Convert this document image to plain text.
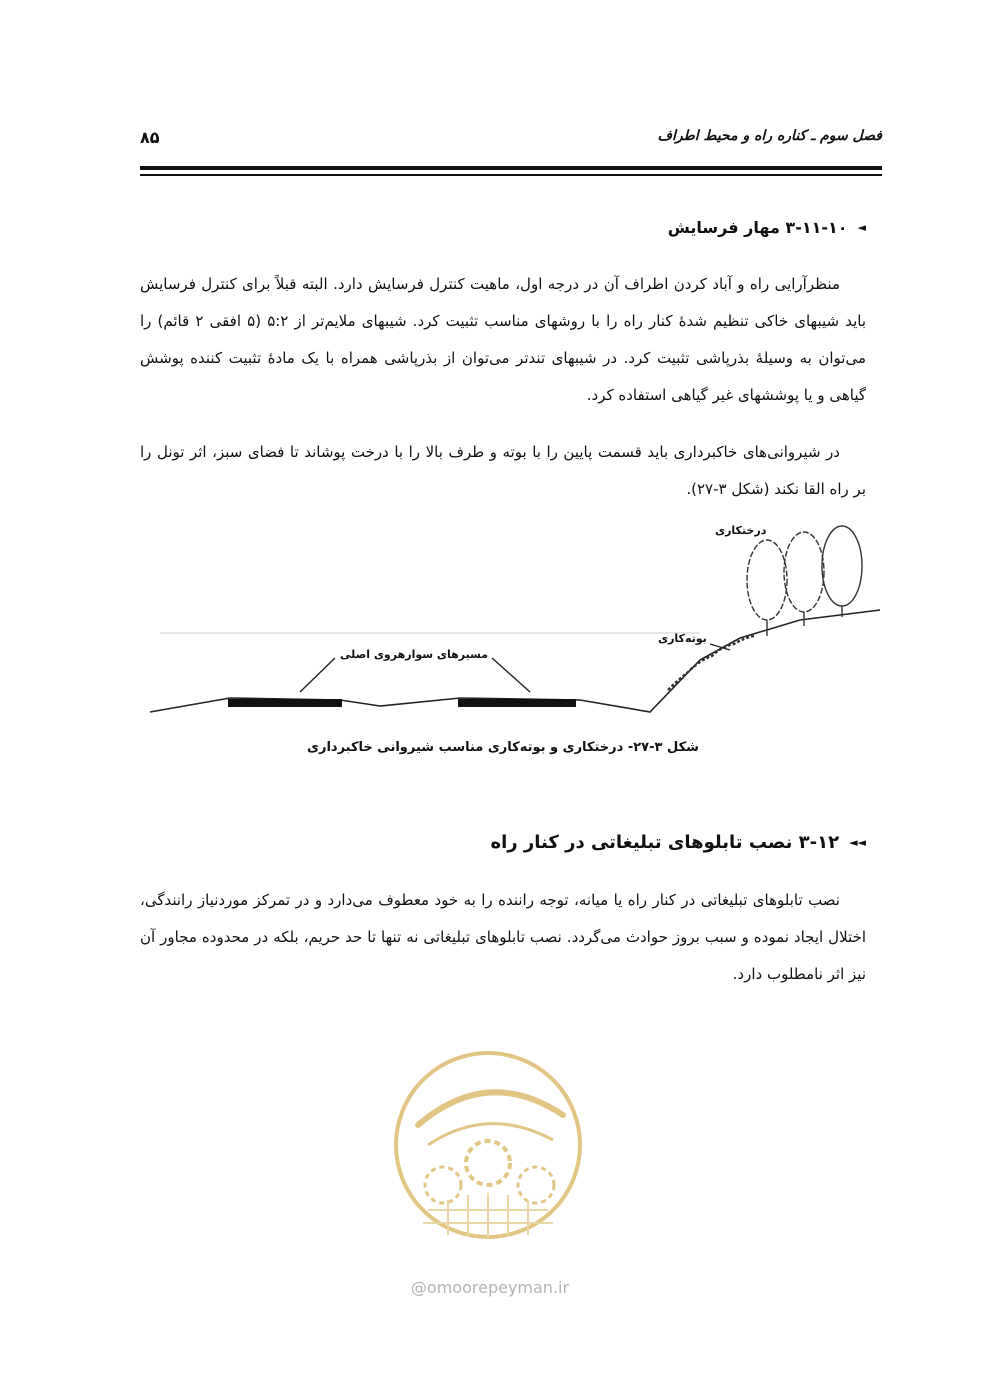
فصل سوم ـ کناره راه و محیط اطراف
۸۵
◄
۳-۱۱-۱۰ مهار فرسایش
منظرآرایی راه و آباد کردن اطراف آن در درجه اول، ماهیت کنترل فرسایش دارد. البته قبلاً برای کنترل فرسایش باید شیبهای خاکی تنظیم شدهٔ کنار راه را با روشهای مناسب تثبیت کرد. شیبهای ملایم‌تر از ۵:۲ (۵ افقی ۲ قائم) را می‌توان به وسیلهٔ بذرپاشی تثبیت کرد. در شیبهای تندتر می‌توان از بذرپاشی همراه با یک مادهٔ تثبیت کننده پوشش گیاهی و یا پوششهای غیر گیاهی استفاده کرد.
در شیروانی‌های خاکبرداری باید قسمت پایین را با بوته و طرف بالا را با درخت پوشاند تا فضای سبز، اثر تونل را بر راه القا نکند (شکل ۳-۲۷).
درختکاری
بوته‌کاری
مسیرهای سوارهروی اصلی
شکل ۳-۲۷- درختکاری و بوته‌کاری مناسب شیروانی خاکبرداری
◄◄
۳-۱۲ نصب تابلوهای تبلیغاتی در کنار راه
نصب تابلوهای تبلیغاتی در کنار راه یا میانه، توجه راننده را به خود معطوف می‌دارد و در تمرکز موردنیاز رانندگی، اختلال ایجاد نموده و سبب بروز حوادث می‌گردد. نصب تابلوهای تبلیغاتی نه تنها تا حد حریم، بلکه در محدوده مجاور آن نیز اثر نامطلوب دارد.
@omoorepeyman.ir
